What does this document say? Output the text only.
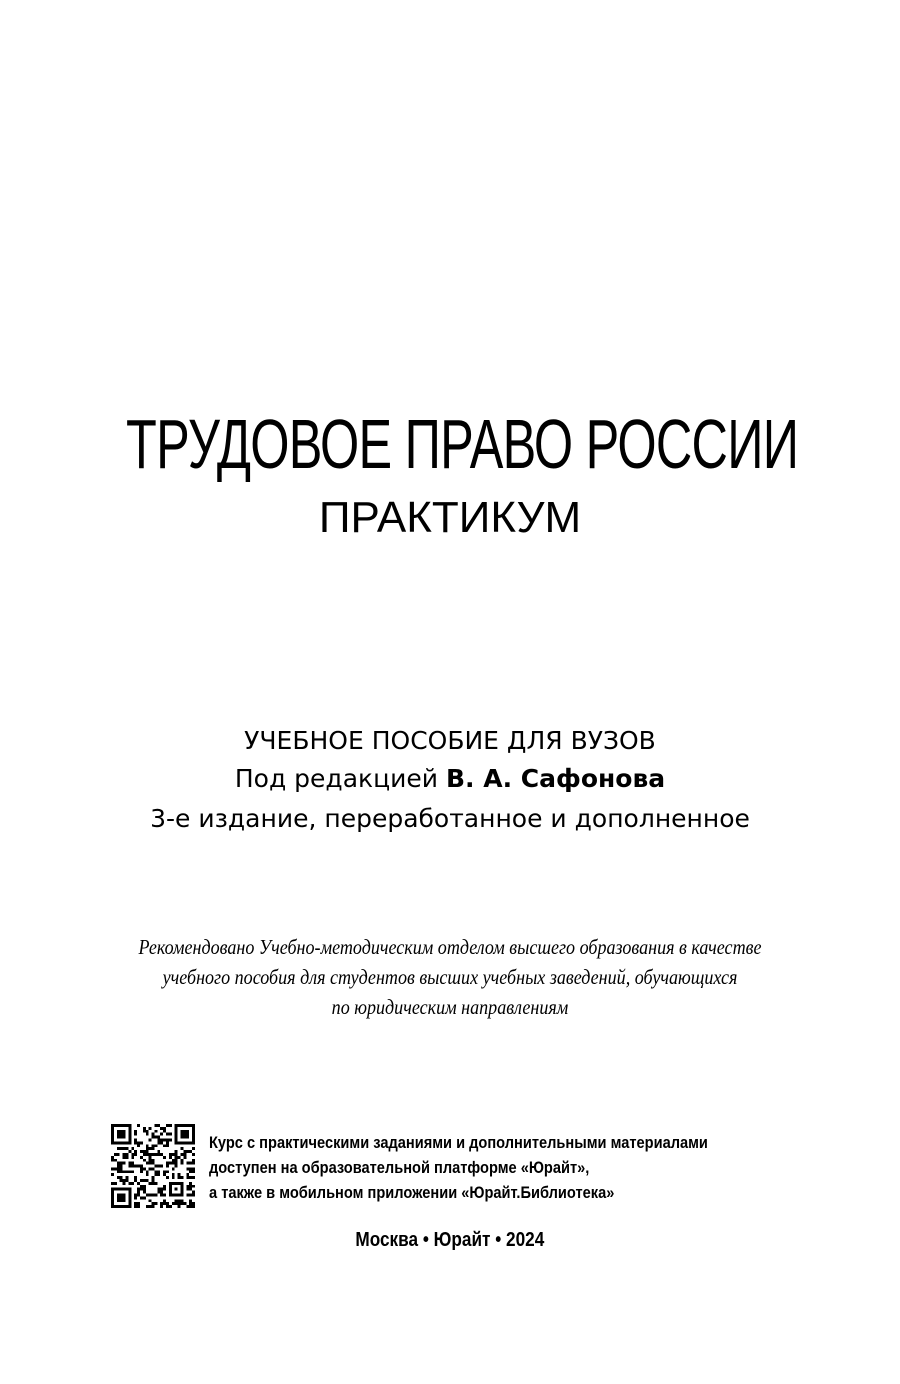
ТРУДОВОЕ ПРАВО РОССИИ
ПРАКТИКУМ
УЧЕБНОЕ ПОСОБИЕ ДЛЯ ВУЗОВ
Под редакцией В. А. Сафонова
3-е издание, переработанное и дополненное
Рекомендовано Учебно-методическим отделом высшего образования в качестве
учебного пособия для студентов высших учебных заведений, обучающихся
по юридическим направлениям
Курс с практическими заданиями и дополнительными материалами
доступен на образовательной платформе «Юрайт»,
а также в мобильном приложении «Юрайт.Библиотека»
Москва • Юрайт • 2024
